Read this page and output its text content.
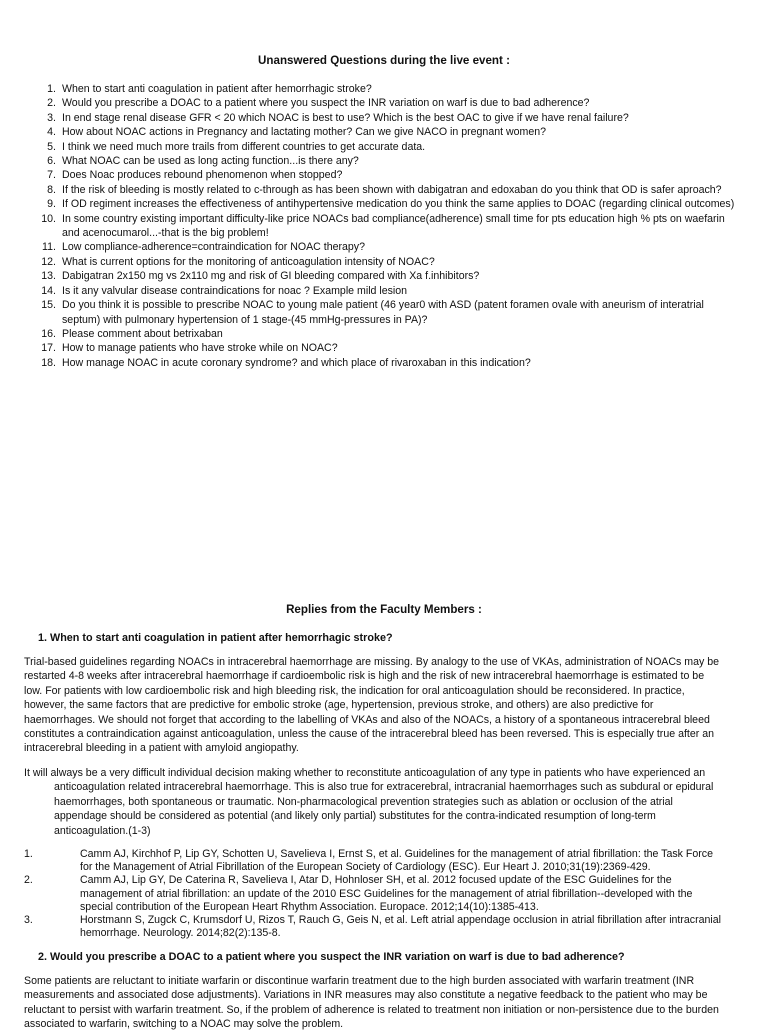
Unanswered Questions during the live event :
1. When to start anti coagulation in patient after hemorrhagic stroke?
2. Would you prescribe a DOAC to a patient where you suspect the INR variation on warf is due to bad adherence?
3. In end stage renal disease GFR < 20 which NOAC is best to use? Which is the best OAC to give if we have renal failure?
4. How about NOAC actions in Pregnancy and lactating mother? Can we give NACO in pregnant women?
5. I think we need much more trails from different countries to get accurate data.
6. What NOAC can be used as long acting function...is there any?
7. Does Noac produces rebound phenomenon when stopped?
8. If the risk of bleeding is mostly related to c-through as has been shown with dabigatran and edoxaban do you think that OD is safer aproach?
9. If OD regiment increases the effectiveness of antihypertensive medication do you think the same applies to DOAC (regarding clinical outcomes)
10. In some country existing important difficulty-like price NOACs bad compliance(adherence) small time for pts education high % pts on waefarin and acenocumarol...-that is the big problem!
11. Low compliance-adherence=contraindication for NOAC therapy?
12. What is current options for the monitoring of anticoagulation intensity of NOAC?
13. Dabigatran 2x150 mg vs 2x110 mg and risk of GI bleeding compared with Xa f.inhibitors?
14. Is it any valvular disease contraindications for noac ? Example mild lesion
15. Do you think it is possible to prescribe NOAC to young male patient (46 year0 with ASD (patent foramen ovale with aneurism of interatrial septum) with pulmonary hypertension of 1 stage-(45 mmHg-pressures in PA)?
16. Please comment about betrixaban
17. How to manage patients who have stroke while on NOAC?
18. How manage NOAC in acute coronary syndrome? and which place of rivaroxaban in this indication?
Replies from the Faculty Members :
1. When to start anti coagulation in patient after hemorrhagic stroke?
Trial-based guidelines regarding NOACs in intracerebral haemorrhage are missing. By analogy to the use of VKAs, administration of NOACs may be restarted 4-8 weeks after intracerebral haemorrhage if cardioembolic risk is high and the risk of new intracerebral haemorrhage is estimated to be low. For patients with low cardioembolic risk and high bleeding risk, the indication for oral anticoagulation should be reconsidered. In practice, however, the same factors that are predictive for embolic stroke (age, hypertension, previous stroke, and others) are also predictive for haemorrhages. We should not forget that according to the labelling of VKAs and also of the NOACs, a history of a spontaneous intracerebral bleed constitutes a contraindication against anticoagulation, unless the cause of the intracerebral bleed has been reversed. This is especially true after an intracerebral bleeding in a patient with amyloid angiopathy.
It will always be a very difficult individual decision making whether to reconstitute anticoagulation of any type in patients who have experienced an anticoagulation related intracerebral haemorrhage. This is also true for extracerebral, intracranial haemorrhages such as subdural or epidural haemorrhages, both spontaneous or traumatic. Non-pharmacological prevention strategies such as ablation or occlusion of the atrial appendage should be considered as potential (and likely only partial) substitutes for the contra-indicated resumption of long-term anticoagulation.(1-3)
1.	Camm AJ, Kirchhof P, Lip GY, Schotten U, Savelieva I, Ernst S, et al. Guidelines for the management of atrial fibrillation: the Task Force for the Management of Atrial Fibrillation of the European Society of Cardiology (ESC). Eur Heart J. 2010;31(19):2369-429.
2.	Camm AJ, Lip GY, De Caterina R, Savelieva I, Atar D, Hohnloser SH, et al. 2012 focused update of the ESC Guidelines for the management of atrial fibrillation: an update of the 2010 ESC Guidelines for the management of atrial fibrillation--developed with the special contribution of the European Heart Rhythm Association. Europace. 2012;14(10):1385-413.
3.	Horstmann S, Zugck C, Krumsdorf U, Rizos T, Rauch G, Geis N, et al. Left atrial appendage occlusion in atrial fibrillation after intracranial hemorrhage. Neurology. 2014;82(2):135-8.
2. Would you prescribe a DOAC to a patient where you suspect the INR variation on warf is due to bad adherence?
Some patients are reluctant to initiate warfarin or discontinue warfarin treatment due to the high burden associated with warfarin treatment (INR measurements and associated dose adjustments). Variations in INR measures may also constitute a negative feedback to the patient who may be reluctant to persist with warfarin treatment. So, if the problem of adherence is related to treatment non initiation or non-persistence due to the burden associated to warfarin, switching to a NOAC may solve the problem.
